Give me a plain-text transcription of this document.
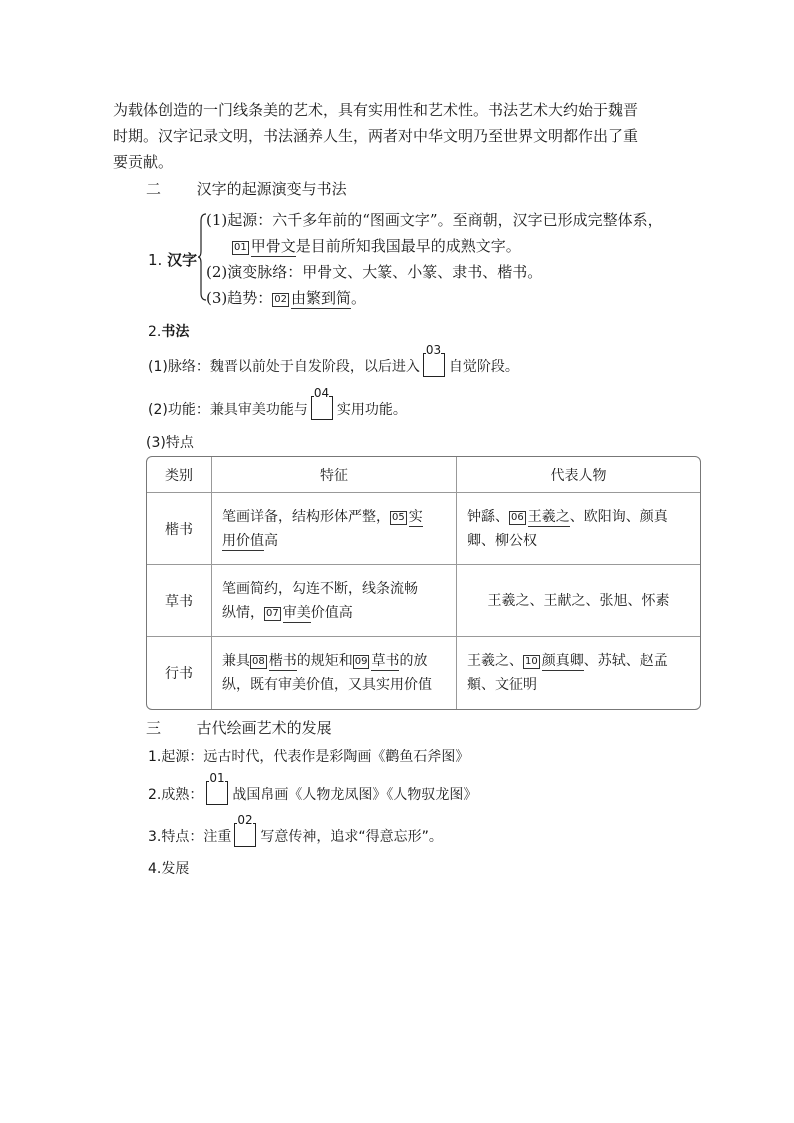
为载体创造的一门线条美的艺术，具有实用性和艺术性。书法艺术大约始于魏晋
时期。汉字记录文明，书法涵养人生，两者对中华文明乃至世界文明都作出了重
要贡献。
二 汉字的起源演变与书法
1. 汉字
(1)起源：六千多年前的“图画文字”。至商朝，汉字已形成完整体系，
01 甲骨文是目前所知我国最早的成熟文字。
(2)演变脉络：甲骨文、大篆、小篆、隶书、楷书。
(3)趋势： 02 由繁到简。
2.书法
(1)脉络：魏晋以前处于自发阶段，以后进入
03
自觉阶段。
(2)功能：兼具审美功能与
04
实用功能。
(3)特点
类别	特征	代表人物
楷书	笔画详备，结构形体严整， 05 实
用价值高	钟繇、 06 王羲之、欧阳询、颜真
卿、柳公权
草书	笔画简约，勾连不断，线条流畅
纵情， 07 审美价值高	王羲之、王献之、张旭、怀素
行书	兼具 08 楷书的规矩和 09 草书的放
纵，既有审美价值，又具实用价值	王羲之、 10 颜真卿、苏轼、赵孟
頫、文征明
三 古代绘画艺术的发展
1.起源：远古时代，代表作是彩陶画《鹳鱼石斧图》
2.成熟：
01
战国帛画《人物龙凤图》《人物驭龙图》
3.特点：注重
02
写意传神，追求“得意忘形”。
4.发展
